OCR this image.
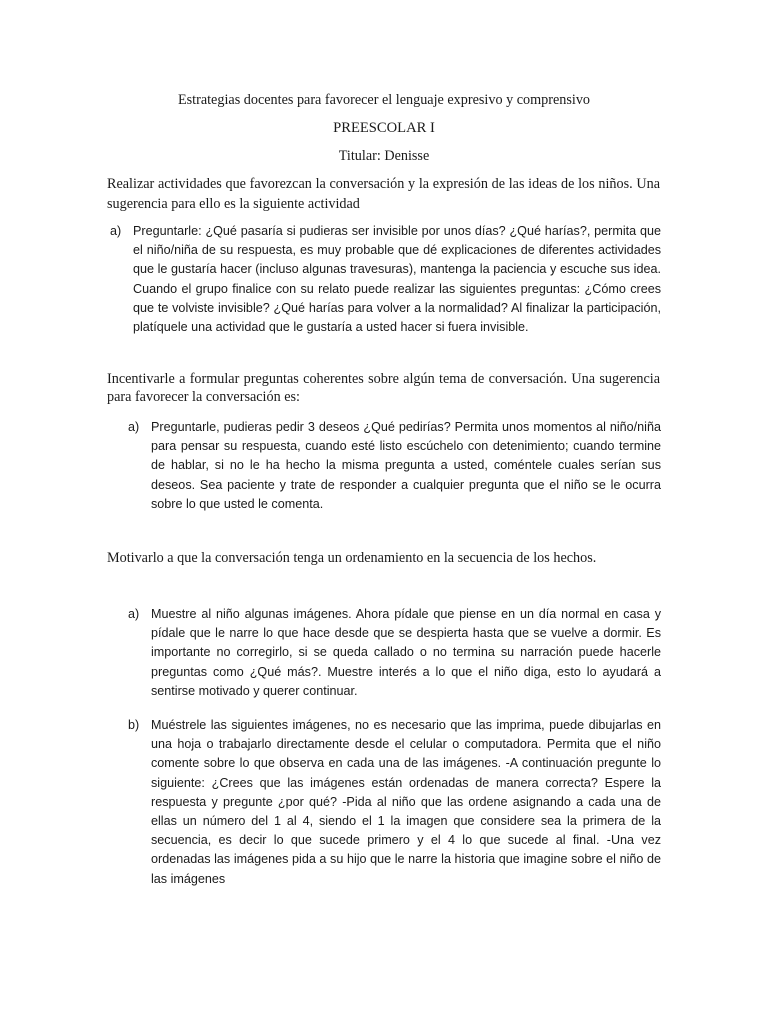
Estrategias docentes para favorecer el lenguaje expresivo y comprensivo
PREESCOLAR I
Titular: Denisse
Realizar actividades que favorezcan la conversación y la expresión de las ideas de los niños. Una sugerencia para ello es la siguiente actividad
a) Preguntarle: ¿Qué pasaría si pudieras ser invisible por unos días? ¿Qué harías?, permita que el niño/niña de su respuesta, es muy probable que dé explicaciones de diferentes actividades que le gustaría hacer (incluso algunas travesuras), mantenga la paciencia y escuche sus idea. Cuando el grupo finalice con su relato puede realizar las siguientes preguntas: ¿Cómo crees que te volviste invisible? ¿Qué harías para volver a la normalidad? Al finalizar la participación, platíquele una actividad que le gustaría a usted hacer si fuera invisible.
Incentivarle a formular preguntas coherentes sobre algún tema de conversación. Una sugerencia para favorecer la conversación es:
a) Preguntarle, pudieras pedir 3 deseos ¿Qué pedirías? Permita unos momentos al niño/niña para pensar su respuesta, cuando esté listo escúchelo con detenimiento; cuando termine de hablar, si no le ha hecho la misma pregunta a usted, coméntele cuales serían sus deseos. Sea paciente y trate de responder a cualquier pregunta que el niño se le ocurra sobre lo que usted le comenta.
Motivarlo a que la conversación tenga un ordenamiento en la secuencia de los hechos.
a) Muestre al niño algunas imágenes. Ahora pídale que piense en un día normal en casa y pídale que le narre lo que hace desde que se despierta hasta que se vuelve a dormir. Es importante no corregirlo, si se queda callado o no termina su narración puede hacerle preguntas como ¿Qué más?. Muestre interés a lo que el niño diga, esto lo ayudará a sentirse motivado y querer continuar.
b) Muéstrele las siguientes imágenes, no es necesario que las imprima, puede dibujarlas en una hoja o trabajarlo directamente desde el celular o computadora. Permita que el niño comente sobre lo que observa en cada una de las imágenes. -A continuación pregunte lo siguiente: ¿Crees que las imágenes están ordenadas de manera correcta? Espere la respuesta y pregunte ¿por qué? -Pida al niño que las ordene asignando a cada una de ellas un número del 1 al 4, siendo el 1 la imagen que considere sea la primera de la secuencia, es decir lo que sucede primero y el 4 lo que sucede al final. -Una vez ordenadas las imágenes pida a su hijo que le narre la historia que imagine sobre el niño de las imágenes
